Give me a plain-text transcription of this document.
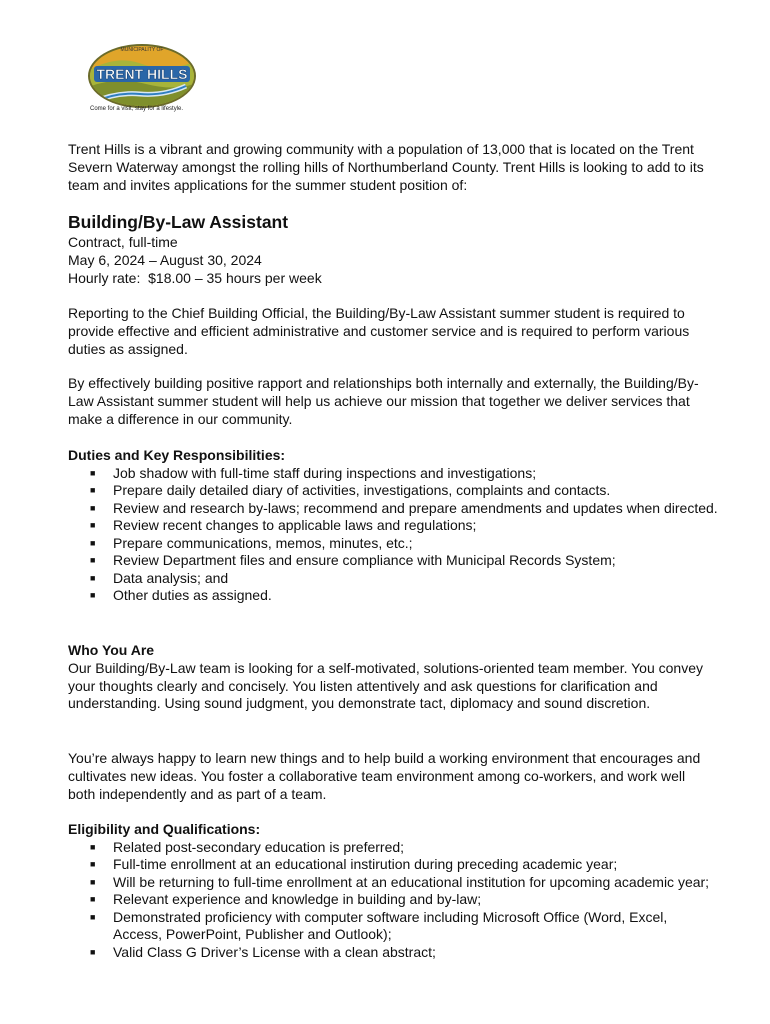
TRENT HILLS
MUNICIPALITY OF
Come for a visit, stay for a lifestyle.

Trent Hills is a vibrant and growing community with a population of 13,000 that is located on the Trent Severn Waterway amongst the rolling hills of Northumberland County. Trent Hills is looking to add to its team and invites applications for the summer student position of:

Building/By-Law Assistant

Contract, full-time

May 6, 2024 – August 30, 2024

Hourly rate:  $18.00 – 35 hours per week

Reporting to the Chief Building Official, the Building/By-Law Assistant summer student is required to provide effective and efficient administrative and customer service and is required to perform various duties as assigned.

By effectively building positive rapport and relationships both internally and externally, the Building/By-Law Assistant summer student will help us achieve our mission that together we deliver services that make a difference in our community.

Duties and Key Responsibilities:

■ Job shadow with full-time staff during inspections and investigations;
■ Prepare daily detailed diary of activities, investigations, complaints and contacts.
■ Review and research by-laws; recommend and prepare amendments and updates when directed.
■ Review recent changes to applicable laws and regulations;
■ Prepare communications, memos, minutes, etc.;
■ Review Department files and ensure compliance with Municipal Records System;
■ Data analysis; and
■ Other duties as assigned.

Who You Are

Our Building/By-Law team is looking for a self-motivated, solutions-oriented team member. You convey your thoughts clearly and concisely. You listen attentively and ask questions for clarification and understanding. Using sound judgment, you demonstrate tact, diplomacy and sound discretion.

You’re always happy to learn new things and to help build a working environment that encourages and cultivates new ideas. You foster a collaborative team environment among co-workers, and work well both independently and as part of a team.

Eligibility and Qualifications:

■ Related post-secondary education is preferred;
■ Full-time enrollment at an educational instirution during preceding academic year;
■ Will be returning to full-time enrollment at an educational institution for upcoming academic year;
■ Relevant experience and knowledge in building and by-law;
■ Demonstrated proficiency with computer software including Microsoft Office (Word, Excel, Access, PowerPoint, Publisher and Outlook);
■ Valid Class G Driver’s License with a clean abstract;
